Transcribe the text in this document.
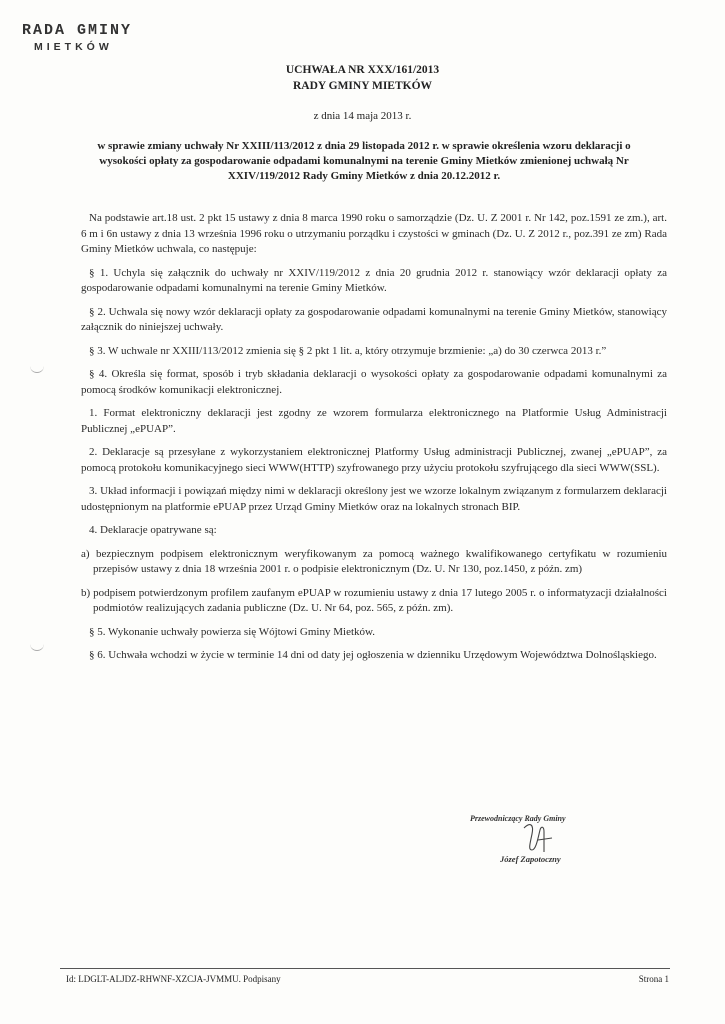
RADA GMINY
MIETKÓW
UCHWAŁA NR XXX/161/2013
RADY GMINY MIETKÓW
z dnia 14 maja 2013 r.
w sprawie zmiany uchwały Nr XXIII/113/2012 z dnia 29 listopada 2012 r. w sprawie określenia wzoru deklaracji o wysokości opłaty za gospodarowanie odpadami komunalnymi na terenie Gminy Mietków zmienionej uchwałą Nr XXIV/119/2012 Rady Gminy Mietków z dnia 20.12.2012 r.

Na podstawie art.18 ust. 2 pkt 15 ustawy z dnia 8 marca 1990 roku o samorządzie (Dz. U. Z 2001 r. Nr 142, poz.1591 ze zm.), art. 6 m i 6n ustawy z dnia 13 września 1996 roku o utrzymaniu porządku i czystości w gminach (Dz. U. Z 2012 r., poz.391 ze zm) Rada Gminy Mietków uchwala, co następuje:

§ 1. Uchyla się załącznik do uchwały nr XXIV/119/2012 z dnia 20 grudnia 2012 r. stanowiący wzór deklaracji opłaty za gospodarowanie odpadami komunalnymi na terenie Gminy Mietków.

§ 2. Uchwala się nowy wzór deklaracji opłaty za gospodarowanie odpadami komunalnymi na terenie Gminy Mietków, stanowiący załącznik do niniejszej uchwały.

§ 3. W uchwale nr XXIII/113/2012 zmienia się § 2 pkt 1 lit. a, który otrzymuje brzmienie: „a) do 30 czerwca 2013 r.”

§ 4. Określa się format, sposób i tryb składania deklaracji o wysokości opłaty za gospodarowanie odpadami komunalnymi za pomocą środków komunikacji elektronicznej.

1. Format elektroniczny deklaracji jest zgodny ze wzorem formularza elektronicznego na Platformie Usług Administracji Publicznej „ePUAP”.

2. Deklaracje są przesyłane z wykorzystaniem elektronicznej Platformy Usług administracji Publicznej, zwanej „ePUAP”, za pomocą protokołu komunikacyjnego sieci WWW(HTTP) szyfrowanego przy użyciu protokołu szyfrującego dla sieci WWW(SSL).

3. Układ informacji i powiązań między nimi w deklaracji określony jest we wzorze lokalnym związanym z formularzem deklaracji udostępnionym na platformie ePUAP przez Urząd Gminy Mietków oraz na lokalnych stronach BIP.

4. Deklaracje opatrywane są:

a) bezpiecznym podpisem elektronicznym weryfikowanym za pomocą ważnego kwalifikowanego certyfikatu w rozumieniu przepisów ustawy z dnia 18 września 2001 r. o podpisie elektronicznym (Dz. U. Nr 130, poz.1450, z późn. zm)

b) podpisem potwierdzonym profilem zaufanym ePUAP w rozumieniu ustawy z dnia 17 lutego 2005 r. o informatyzacji działalności podmiotów realizujących zadania publiczne (Dz. U. Nr 64, poz. 565, z późn. zm).

§ 5. Wykonanie uchwały powierza się Wójtowi Gminy Mietków.

§ 6. Uchwała wchodzi w życie w terminie 14 dni od daty jej ogłoszenia w dzienniku Urzędowym Województwa Dolnośląskiego.

Przewodniczący Rady Gminy
Józef Zapotoczny
Id: LDGLT-ALJDZ-RHWNF-XZCJA-JVMMU. Podpisany	Strona 1
